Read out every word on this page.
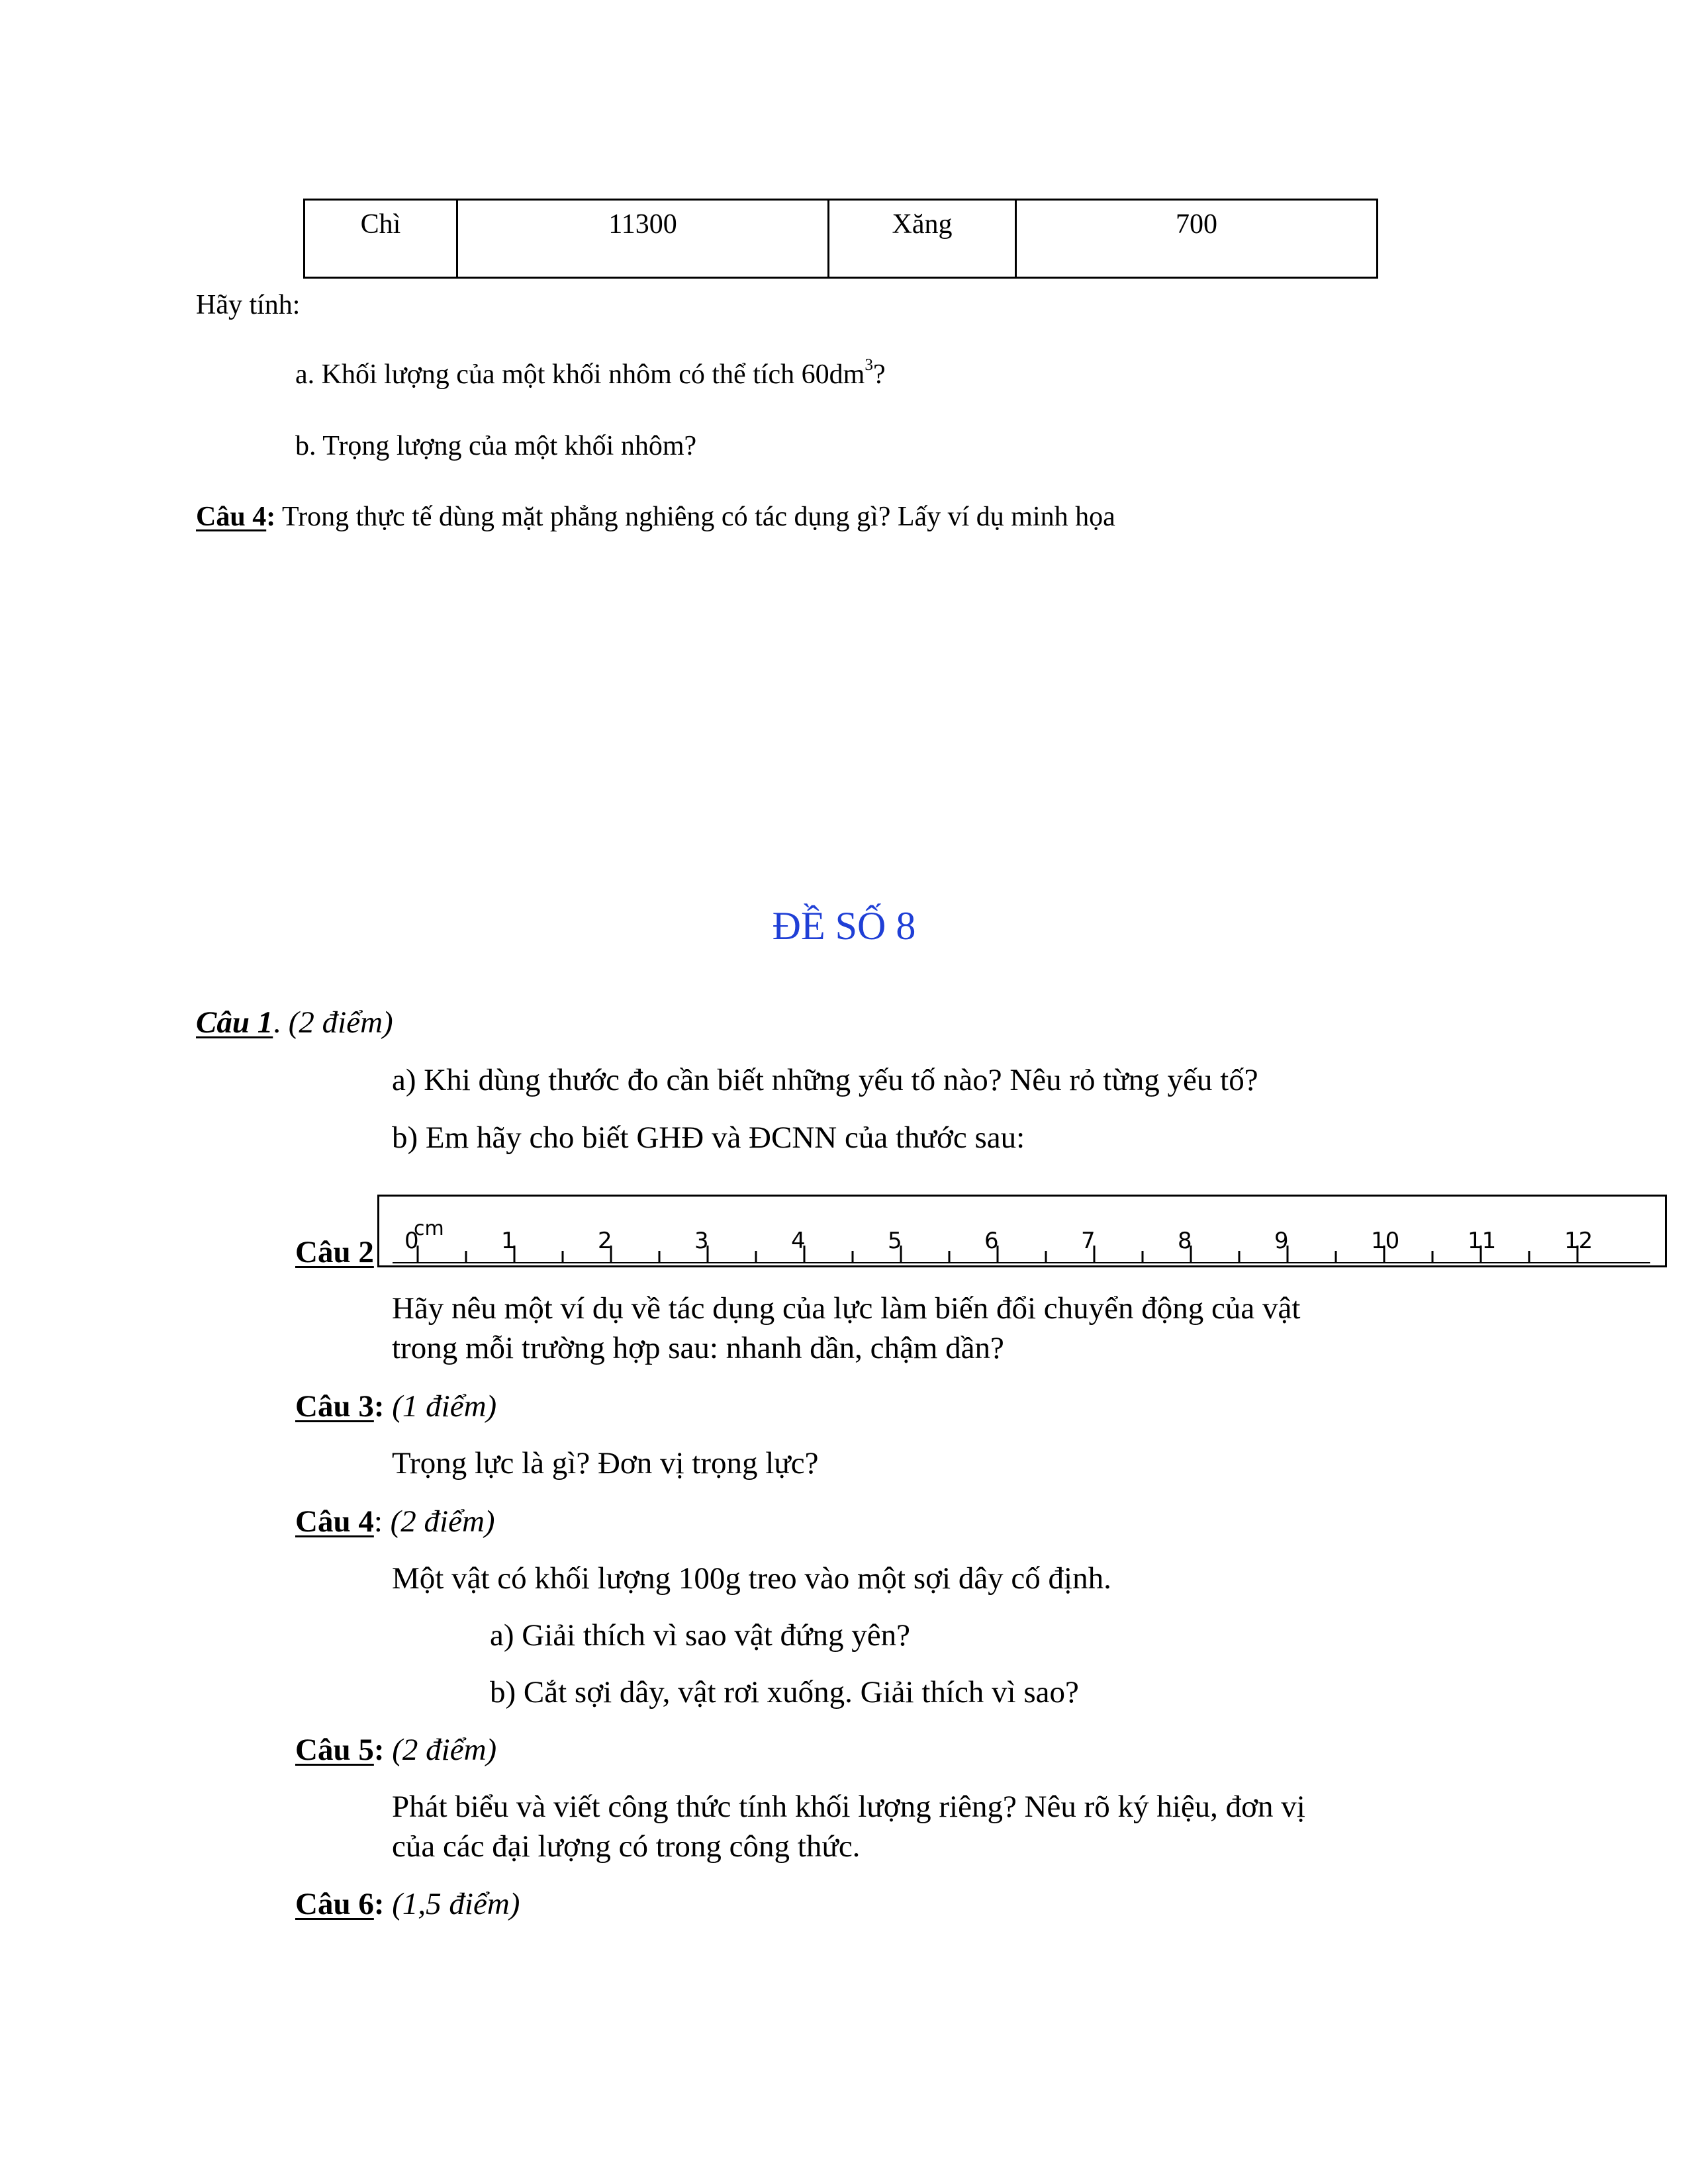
Chì	11300	Xăng	700
Hãy tính:
a. Khối lượng của một khối nhôm có thể tích $60dm^3$?
b. Trọng lượng của một khối nhôm?
Câu 4: Trong thực tế dùng mặt phẳng nghiêng có tác dụng gì? Lấy ví dụ minh họa
ĐỀ SỐ 8
Câu 1. (2 điểm)
a) Khi dùng thước đo cần biết những yếu tố nào? Nêu rỏ từng yếu tố?
b) Em hãy cho biết GHĐ và ĐCNN của thước sau:
Câu 2 0	1	2	3	4	5	6	7	8	9	10	11	12
cm
Hãy nêu một ví dụ về tác dụng của lực làm biến đổi chuyển động của vật
trong mỗi trường hợp sau: nhanh dần, chậm dần?
Câu 3: (1 điểm)
Trọng lực là gì? Đơn vị trọng lực?
Câu 4: (2 điểm)
Một vật có khối lượng 100g treo vào một sợi dây cố định.
a) Giải thích vì sao vật đứng yên?
b) Cắt sợi dây, vật rơi xuống. Giải thích vì sao?
Câu 5: (2 điểm)
Phát biểu và viết công thức tính khối lượng riêng? Nêu rõ ký hiệu, đơn vị
của các đại lượng có trong công thức.
Câu 6: (1,5 điểm)
